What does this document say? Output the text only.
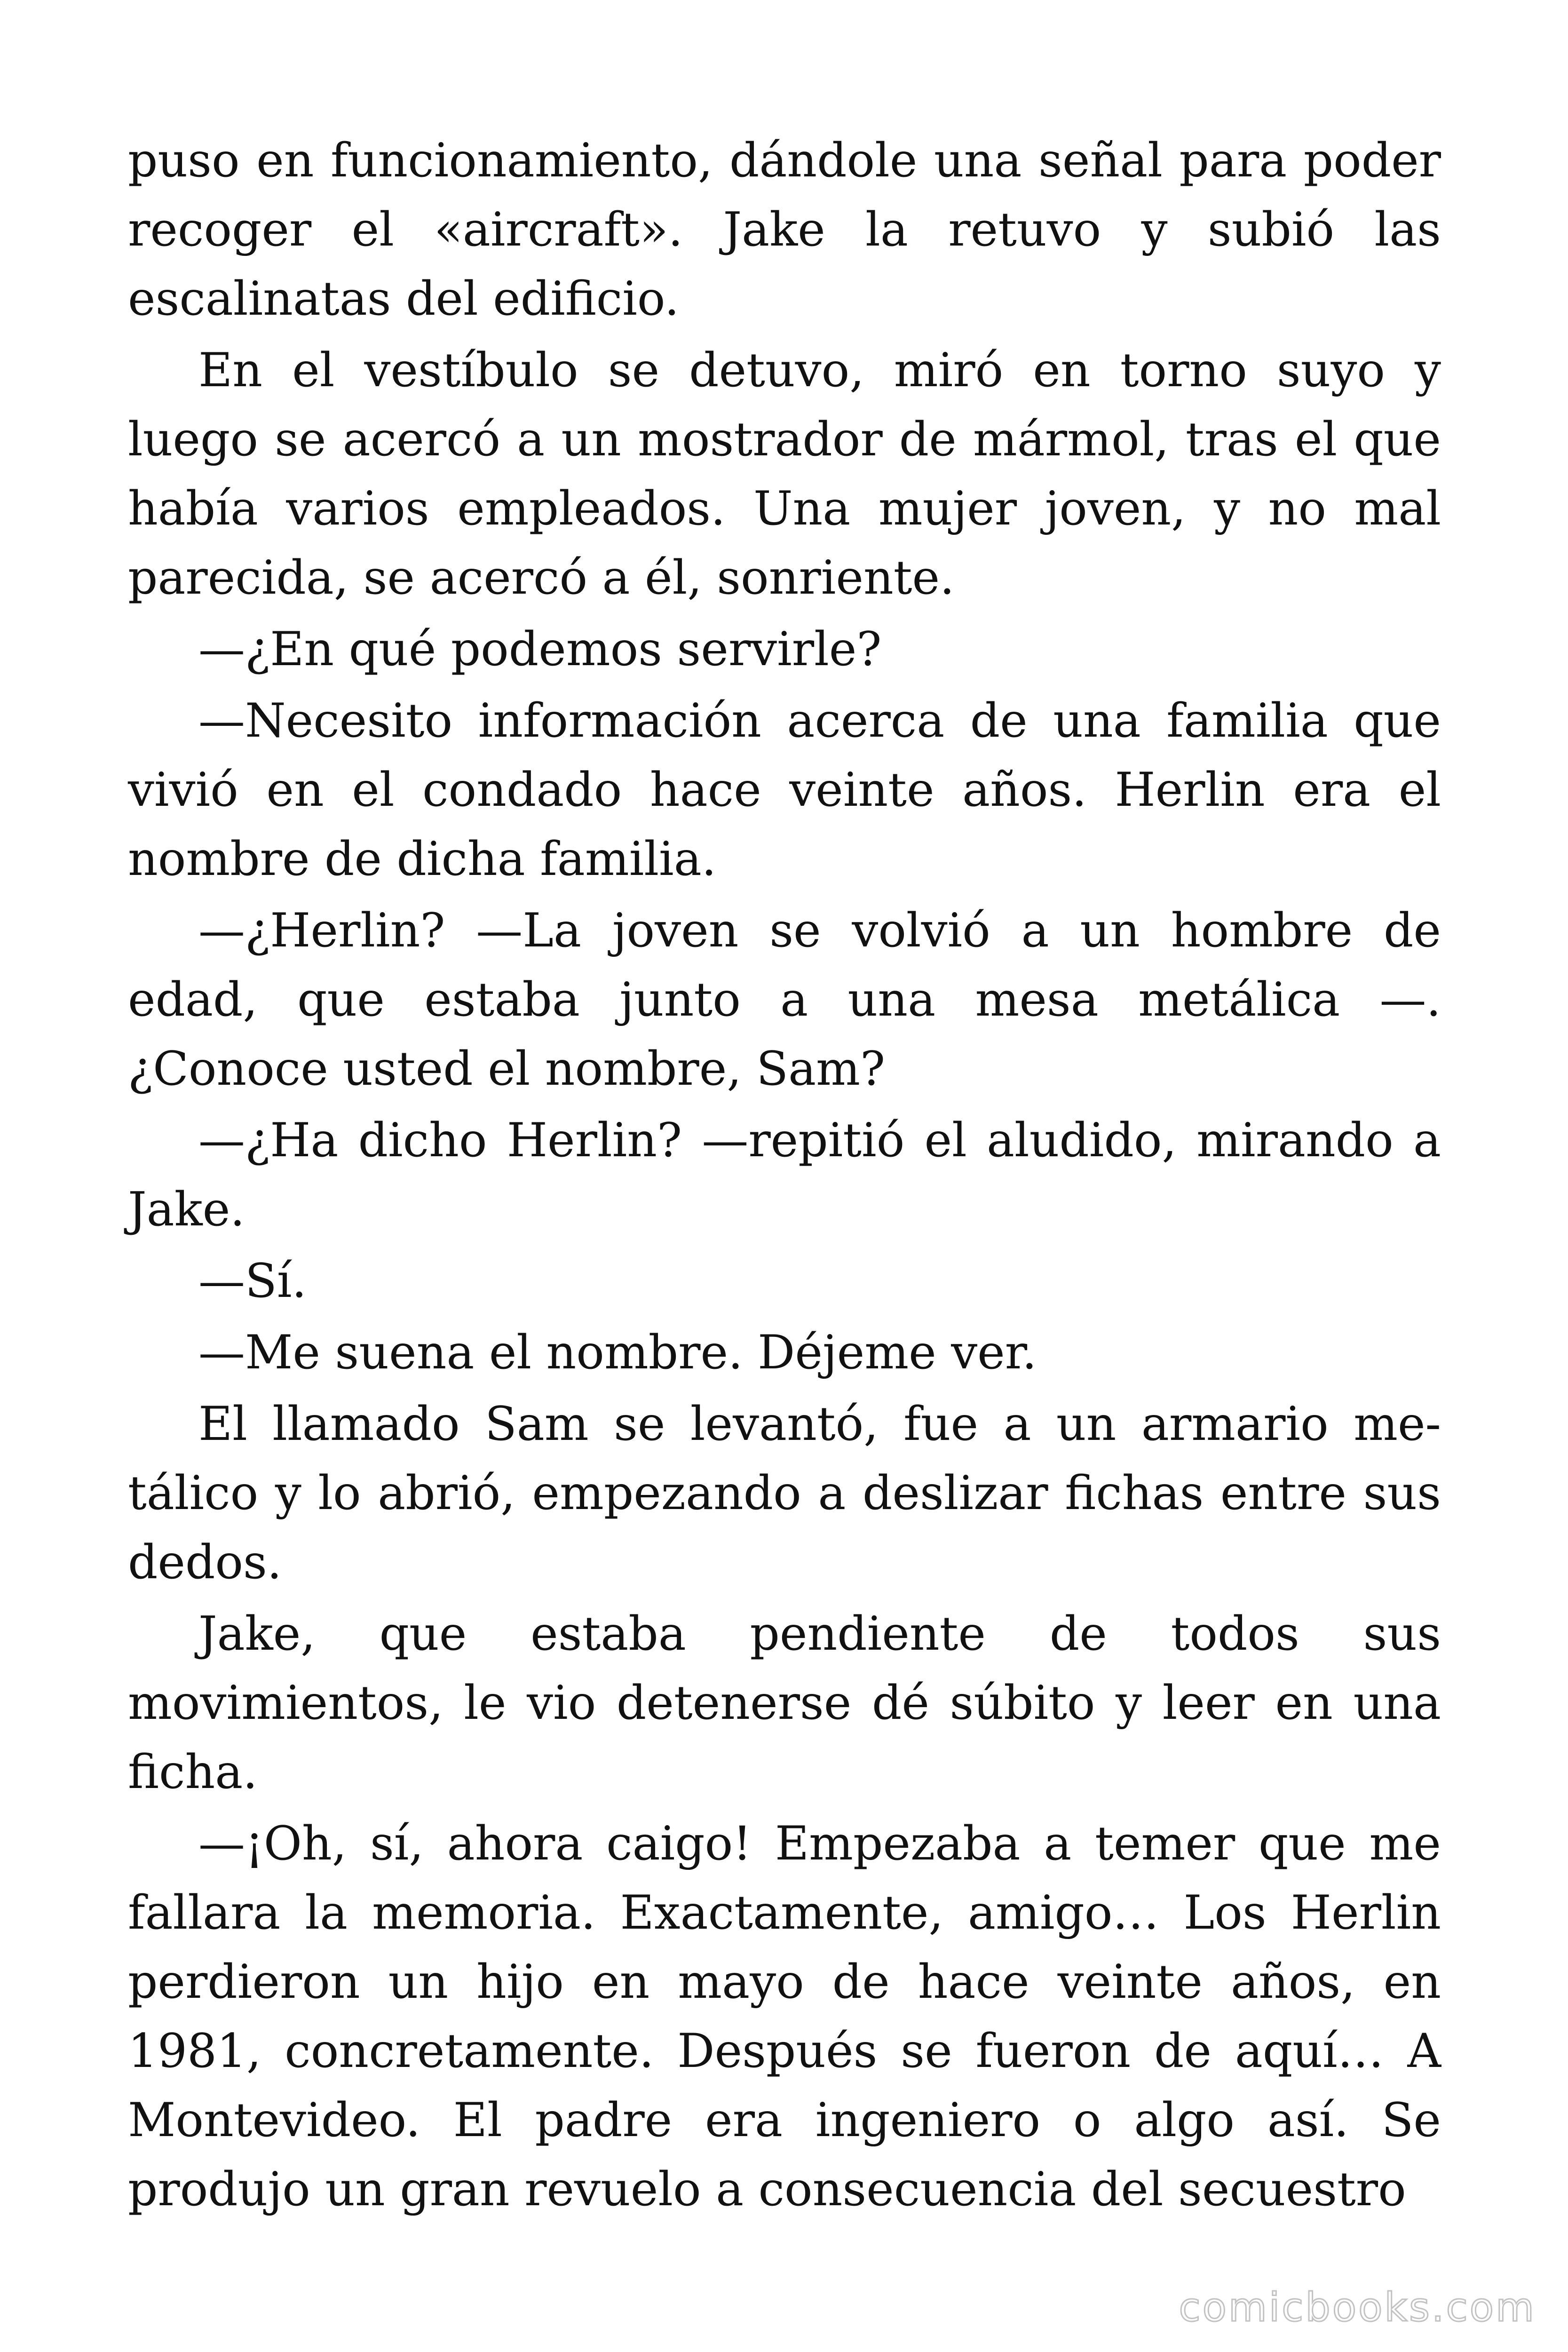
puso en funcionamiento, dándole una señal para poder recoger el «aircraft». Jake la retuvo y subió las escalinatas del edificio.

En el vestíbulo se detuvo, miró en torno suyo y luego se acercó a un mostrador de mármol, tras el que había varios empleados. Una mujer joven, y no mal parecida, se acercó a él, sonriente.

—¿En qué podemos servirle?

—Necesito información acerca de una familia que vivió en el condado hace veinte años. Herlin era el nombre de dicha familia.

—¿Herlin? —La joven se volvió a un hombre de edad, que estaba junto a una mesa metálica —. ¿Conoce usted el nombre, Sam?

—¿Ha dicho Herlin? —repitió el aludido, mirando a Jake.

—Sí.

—Me suena el nombre. Déjeme ver.

El llamado Sam se levantó, fue a un armario metálico y lo abrió, empezando a deslizar fichas entre sus dedos.

Jake, que estaba pendiente de todos sus movimientos, le vio detenerse dé súbito y leer en una ficha.

—¡Oh, sí, ahora caigo! Empezaba a temer que me fallara la memoria. Exactamente, amigo… Los Herlin perdieron un hijo en mayo de hace veinte años, en 1981, concretamente. Después se fueron de aquí… A Montevideo. El padre era ingeniero o algo así. Se produjo un gran revuelo a consecuencia del secuestro

comicbooks.com
